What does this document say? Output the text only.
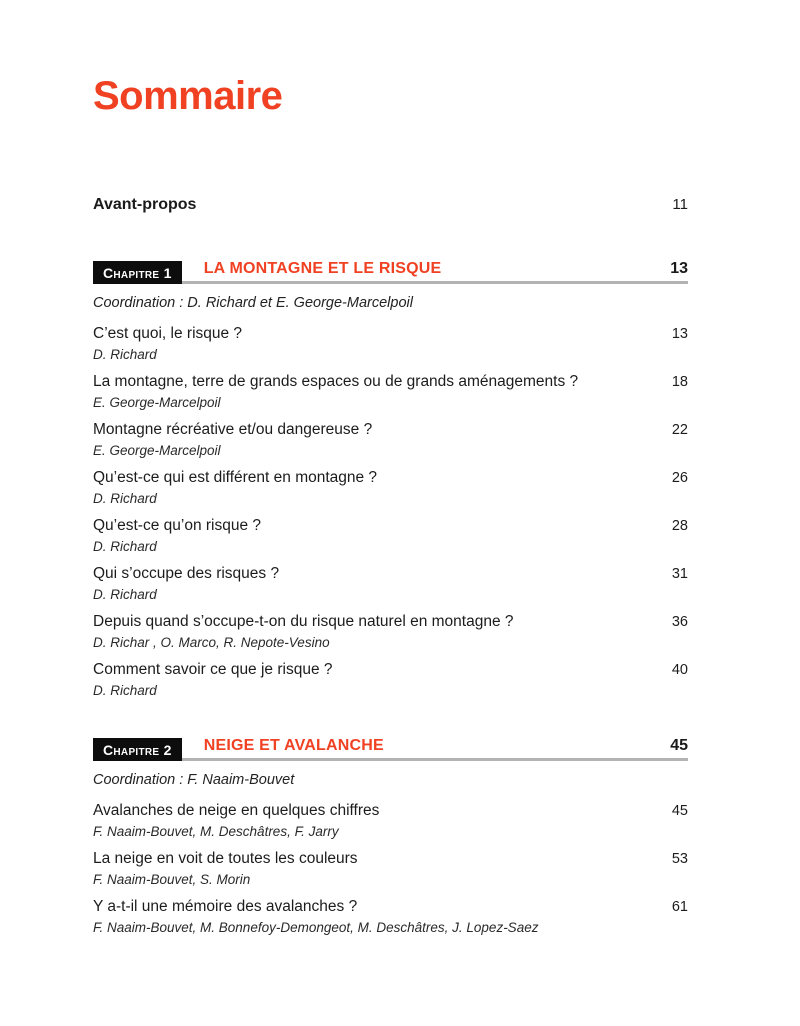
Sommaire
Avant-propos	11
Chapitre 1	LA MONTAGNE ET LE RISQUE	13

Coordination : D. Richard et E. George-Marcelpoil

C’est quoi, le risque ?	13
D. Richard
La montagne, terre de grands espaces ou de grands aménagements ?	18
E. George-Marcelpoil
Montagne récréative et/ou dangereuse ?	22
E. George-Marcelpoil
Qu’est-ce qui est différent en montagne ?	26
D. Richard
Qu’est-ce qu’on risque ?	28
D. Richard
Qui s’occupe des risques ?	31
D. Richard
Depuis quand s’occupe-t-on du risque naturel en montagne ?	36
D. Richar , O. Marco, R. Nepote-Vesino
Comment savoir ce que je risque ?	40
D. Richard
Chapitre 2	NEIGE ET AVALANCHE	45

Coordination : F. Naaim-Bouvet

Avalanches de neige en quelques chiffres	45
F. Naaim-Bouvet, M. Deschâtres, F. Jarry
La neige en voit de toutes les couleurs	53
F. Naaim-Bouvet, S. Morin
Y a-t-il une mémoire des avalanches ?	61
F. Naaim-Bouvet, M. Bonnefoy-Demongeot, M. Deschâtres, J. Lopez-Saez
